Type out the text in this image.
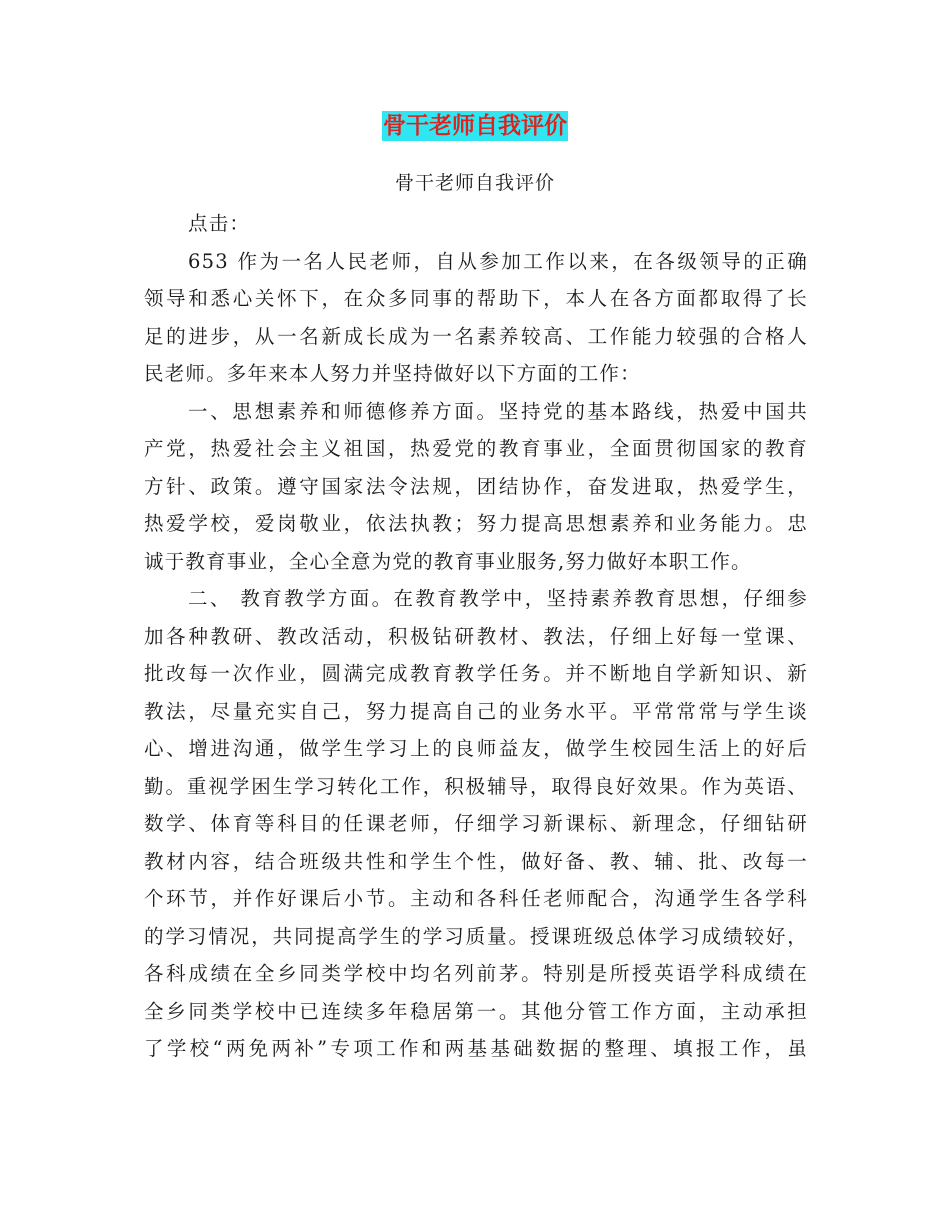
骨干老师自我评价
骨干老师自我评价
点击：
653 作为一名人民老师，自从参加工作以来，在各级领导的正确
领导和悉心关怀下，在众多同事的帮助下，本人在各方面都取得了长
足的进步，从一名新成长成为一名素养较高、工作能力较强的合格人
民老师。多年来本人努力并坚持做好以下方面的工作：
一、思想素养和师德修养方面。坚持党的基本路线，热爱中国共
产党，热爱社会主义祖国，热爱党的教育事业，全面贯彻国家的教育
方针、政策。遵守国家法令法规，团结协作，奋发进取，热爱学生，
热爱学校，爱岗敬业，依法执教；努力提高思想素养和业务能力。忠
诚于教育事业，全心全意为党的教育事业服务,努力做好本职工作。
二、 教育教学方面。在教育教学中，坚持素养教育思想，仔细参
加各种教研、教改活动，积极钻研教材、教法，仔细上好每一堂课、
批改每一次作业，圆满完成教育教学任务。并不断地自学新知识、新
教法，尽量充实自己，努力提高自己的业务水平。平常常常与学生谈
心、增进沟通，做学生学习上的良师益友，做学生校园生活上的好后
勤。重视学困生学习转化工作，积极辅导，取得良好效果。作为英语、
数学、体育等科目的任课老师，仔细学习新课标、新理念，仔细钻研
教材内容，结合班级共性和学生个性，做好备、教、辅、批、改每一
个环节，并作好课后小节。主动和各科任老师配合，沟通学生各学科
的学习情况，共同提高学生的学习质量。授课班级总体学习成绩较好，
各科成绩在全乡同类学校中均名列前茅。特别是所授英语学科成绩在
全乡同类学校中已连续多年稳居第一。其他分管工作方面，主动承担
了学校“两免两补”专项工作和两基基础数据的整理、填报工作，虽
